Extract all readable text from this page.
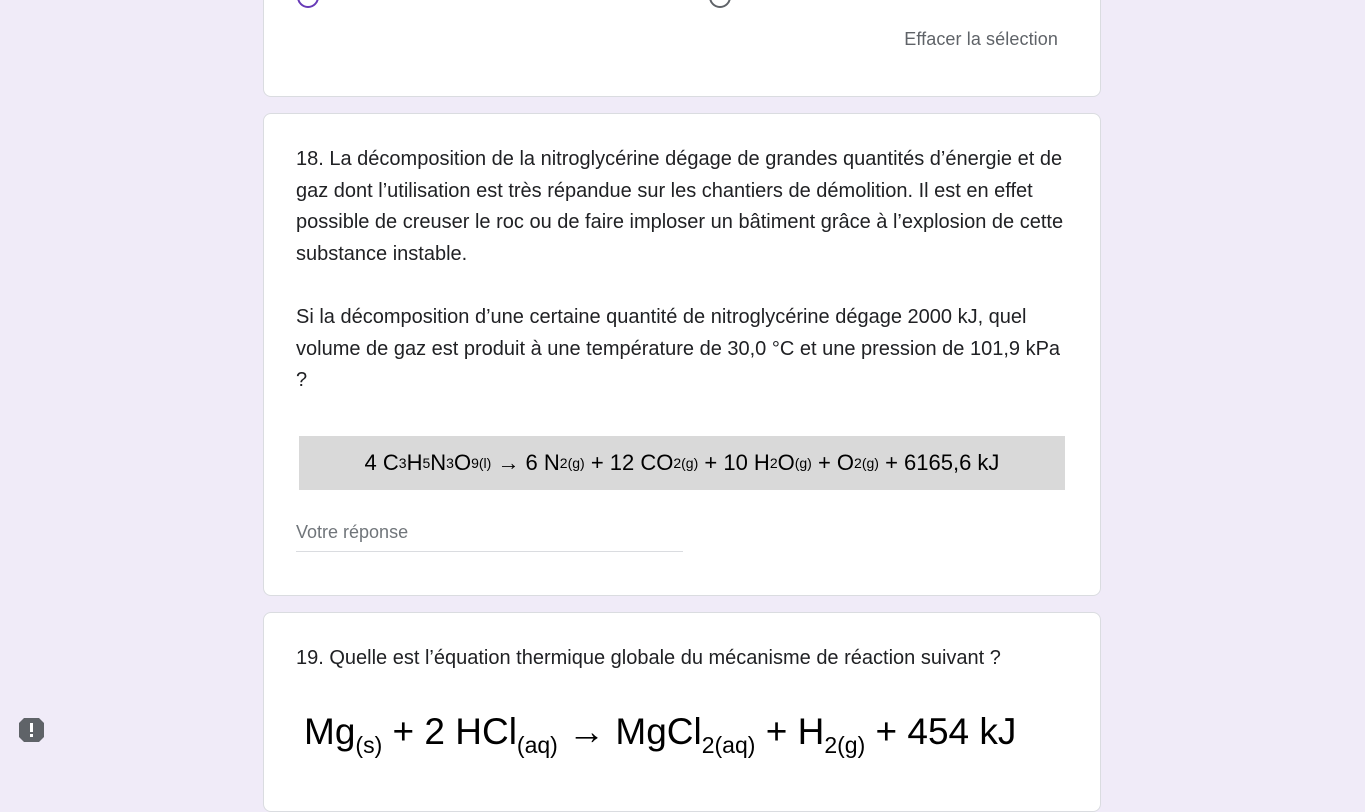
Effacer la sélection

18. La décomposition de la nitroglycérine dégage de grandes quantités d’énergie et de gaz dont l’utilisation est très répandue sur les chantiers de démolition. Il est en effet possible de creuser le roc ou de faire imploser un bâtiment grâce à l’explosion de cette substance instable.

Si la décomposition d’une certaine quantité de nitroglycérine dégage 2000 kJ, quel volume de gaz est produit à une température de 30,0 °C et une pression de 101,9 kPa ?

4 C 3 H 5 N 3 O 9(l) → 6 N 2(g) + 12 CO 2(g) + 10 H 2 O (g) + O 2(g) + 6165,6 kJ
Votre réponse

19. Quelle est l’équation thermique globale du mécanisme de réaction suivant ?

$Mg_{(s)} + 2$ HCl$_{(aq)}$ → MgCl$_{2(aq)}$ + $H_{2(g)} + 454$ kJ
